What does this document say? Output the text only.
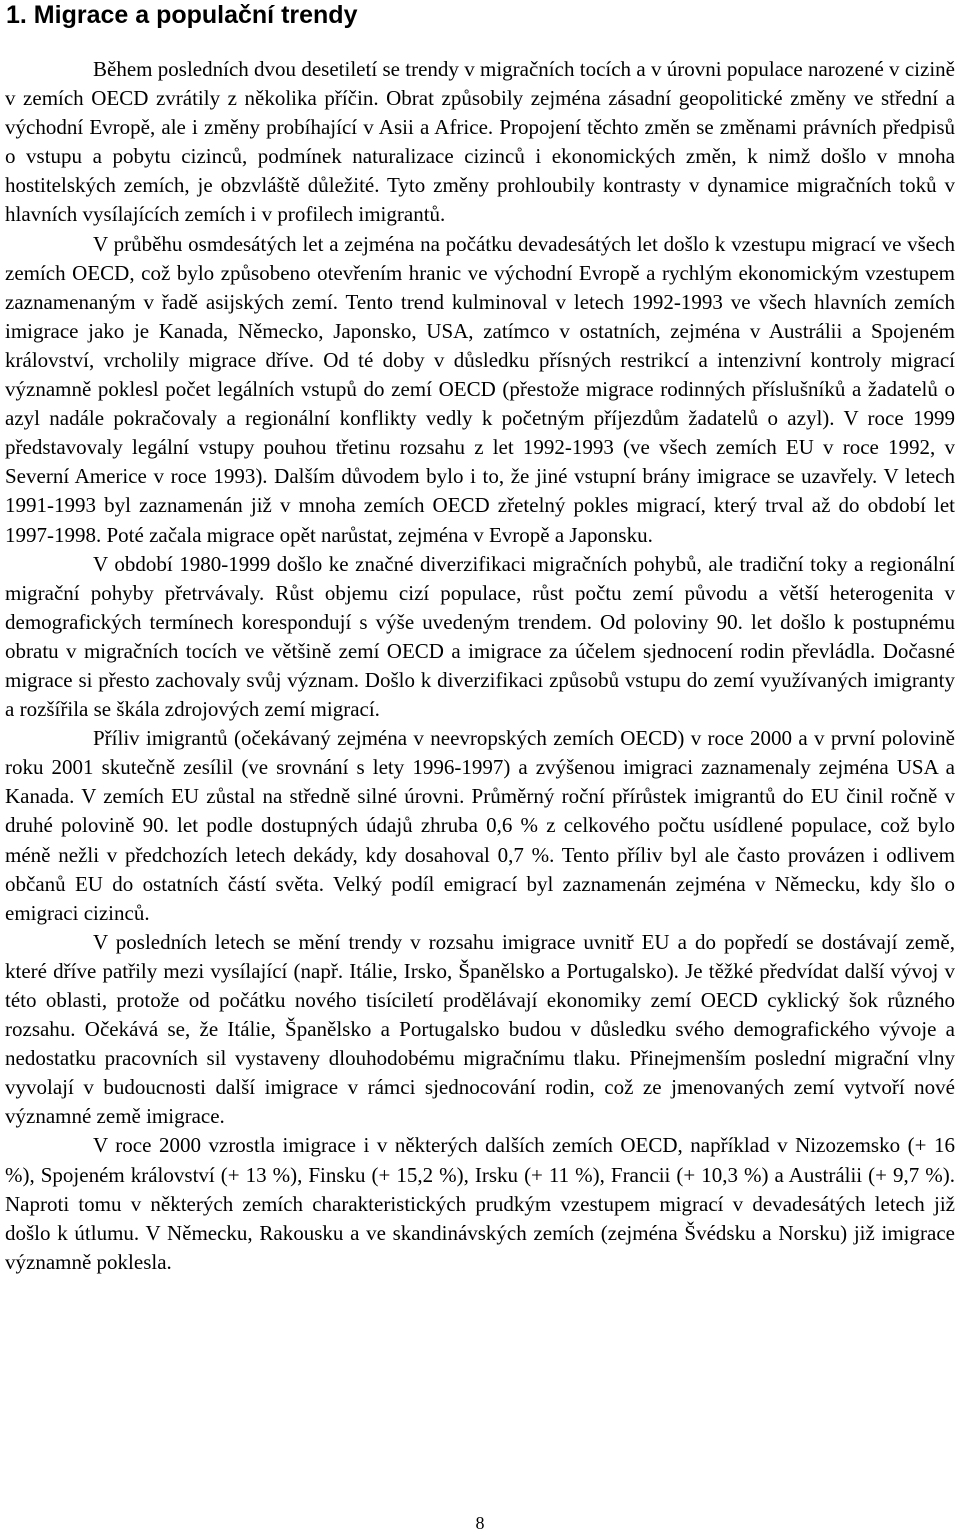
1. Migrace a populační trendy

Během posledních dvou desetiletí se trendy v migračních tocích a v úrovni populace narozené v cizině v zemích OECD zvrátily z několika příčin. Obrat způsobily zejména zásadní geopolitické změny ve střední a východní Evropě, ale i změny probíhající v Asii a Africe. Propojení těchto změn se změnami právních předpisů o vstupu a pobytu cizinců, podmínek naturalizace cizinců i ekonomických změn, k nimž došlo v mnoha hostitelských zemích, je obzvláště důležité. Tyto změny prohloubily kontrasty v dynamice migračních toků v hlavních vysílajících zemích i v profilech imigrantů.

V průběhu osmdesátých let a zejména na počátku devadesátých let došlo k vzestupu migrací ve všech zemích OECD, což bylo způsobeno otevřením hranic ve východní Evropě a rychlým ekonomickým vzestupem zaznamenaným v řadě asijských zemí. Tento trend kulminoval v letech 1992-1993 ve všech hlavních zemích imigrace jako je Kanada, Německo, Japonsko, USA, zatímco v ostatních, zejména v Austrálii a Spojeném království, vrcholily migrace dříve. Od té doby v důsledku přísných restrikcí a intenzivní kontroly migrací významně poklesl počet legálních vstupů do zemí OECD (přestože migrace rodinných příslušníků a žadatelů o azyl nadále pokračovaly a regionální konflikty vedly k početným příjezdům žadatelů o azyl). V roce 1999 představovaly legální vstupy pouhou třetinu rozsahu z let 1992-1993 (ve všech zemích EU v roce 1992, v Severní Americe v roce 1993). Dalším důvodem bylo i to, že jiné vstupní brány imigrace se uzavřely. V letech 1991-1993 byl zaznamenán již v mnoha zemích OECD zřetelný pokles migrací, který trval až do období let 1997-1998. Poté začala migrace opět narůstat, zejména v Evropě a Japonsku.

V období 1980-1999 došlo ke značné diverzifikaci migračních pohybů, ale tradiční toky a regionální migrační pohyby přetrvávaly. Růst objemu cizí populace, růst počtu zemí původu a větší heterogenita v demografických termínech korespondují s výše uvedeným trendem. Od poloviny 90. let došlo k postupnému obratu v migračních tocích ve většině zemí OECD a imigrace za účelem sjednocení rodin převládla. Dočasné migrace si přesto zachovaly svůj význam. Došlo k diverzifikaci způsobů vstupu do zemí využívaných imigranty a rozšířila se škála zdrojových zemí migrací.

Příliv imigrantů (očekávaný zejména v neevropských zemích OECD) v roce 2000 a v první polovině roku 2001 skutečně zesílil (ve srovnání s lety 1996-1997) a zvýšenou imigraci zaznamenaly zejména USA a Kanada. V zemích EU zůstal na středně silné úrovni. Průměrný roční přírůstek imigrantů do EU činil ročně v druhé polovině 90. let podle dostupných údajů zhruba 0,6 % z celkového počtu usídlené populace, což bylo méně nežli v předchozích letech dekády, kdy dosahoval 0,7 %. Tento příliv byl ale často provázen i odlivem občanů EU do ostatních částí světa. Velký podíl emigrací byl zaznamenán zejména v Německu, kdy šlo o emigraci cizinců.

V posledních letech se mění trendy v rozsahu imigrace uvnitř EU a do popředí se dostávají země, které dříve patřily mezi vysílající (např. Itálie, Irsko, Španělsko a Portugalsko). Je těžké předvídat další vývoj v této oblasti, protože od počátku nového tisíciletí prodělávají ekonomiky zemí OECD cyklický šok různého rozsahu. Očekává se, že Itálie, Španělsko a Portugalsko budou v důsledku svého demografického vývoje a nedostatku pracovních sil vystaveny dlouhodobému migračnímu tlaku. Přinejmenším poslední migrační vlny vyvolají v budoucnosti další imigrace v rámci sjednocování rodin, což ze jmenovaných zemí vytvoří nové významné země imigrace.

V roce 2000 vzrostla imigrace i v některých dalších zemích OECD, například v Nizozemsko (+ 16 %), Spojeném království (+ 13 %), Finsku (+ 15,2 %), Irsku (+ 11 %), Francii (+ 10,3 %) a Austrálii (+ 9,7 %). Naproti tomu v některých zemích charakteristických prudkým vzestupem migrací v devadesátých letech již došlo k útlumu. V Německu, Rakousku a ve skandinávských zemích (zejména Švédsku a Norsku) již imigrace významně poklesla.

8
